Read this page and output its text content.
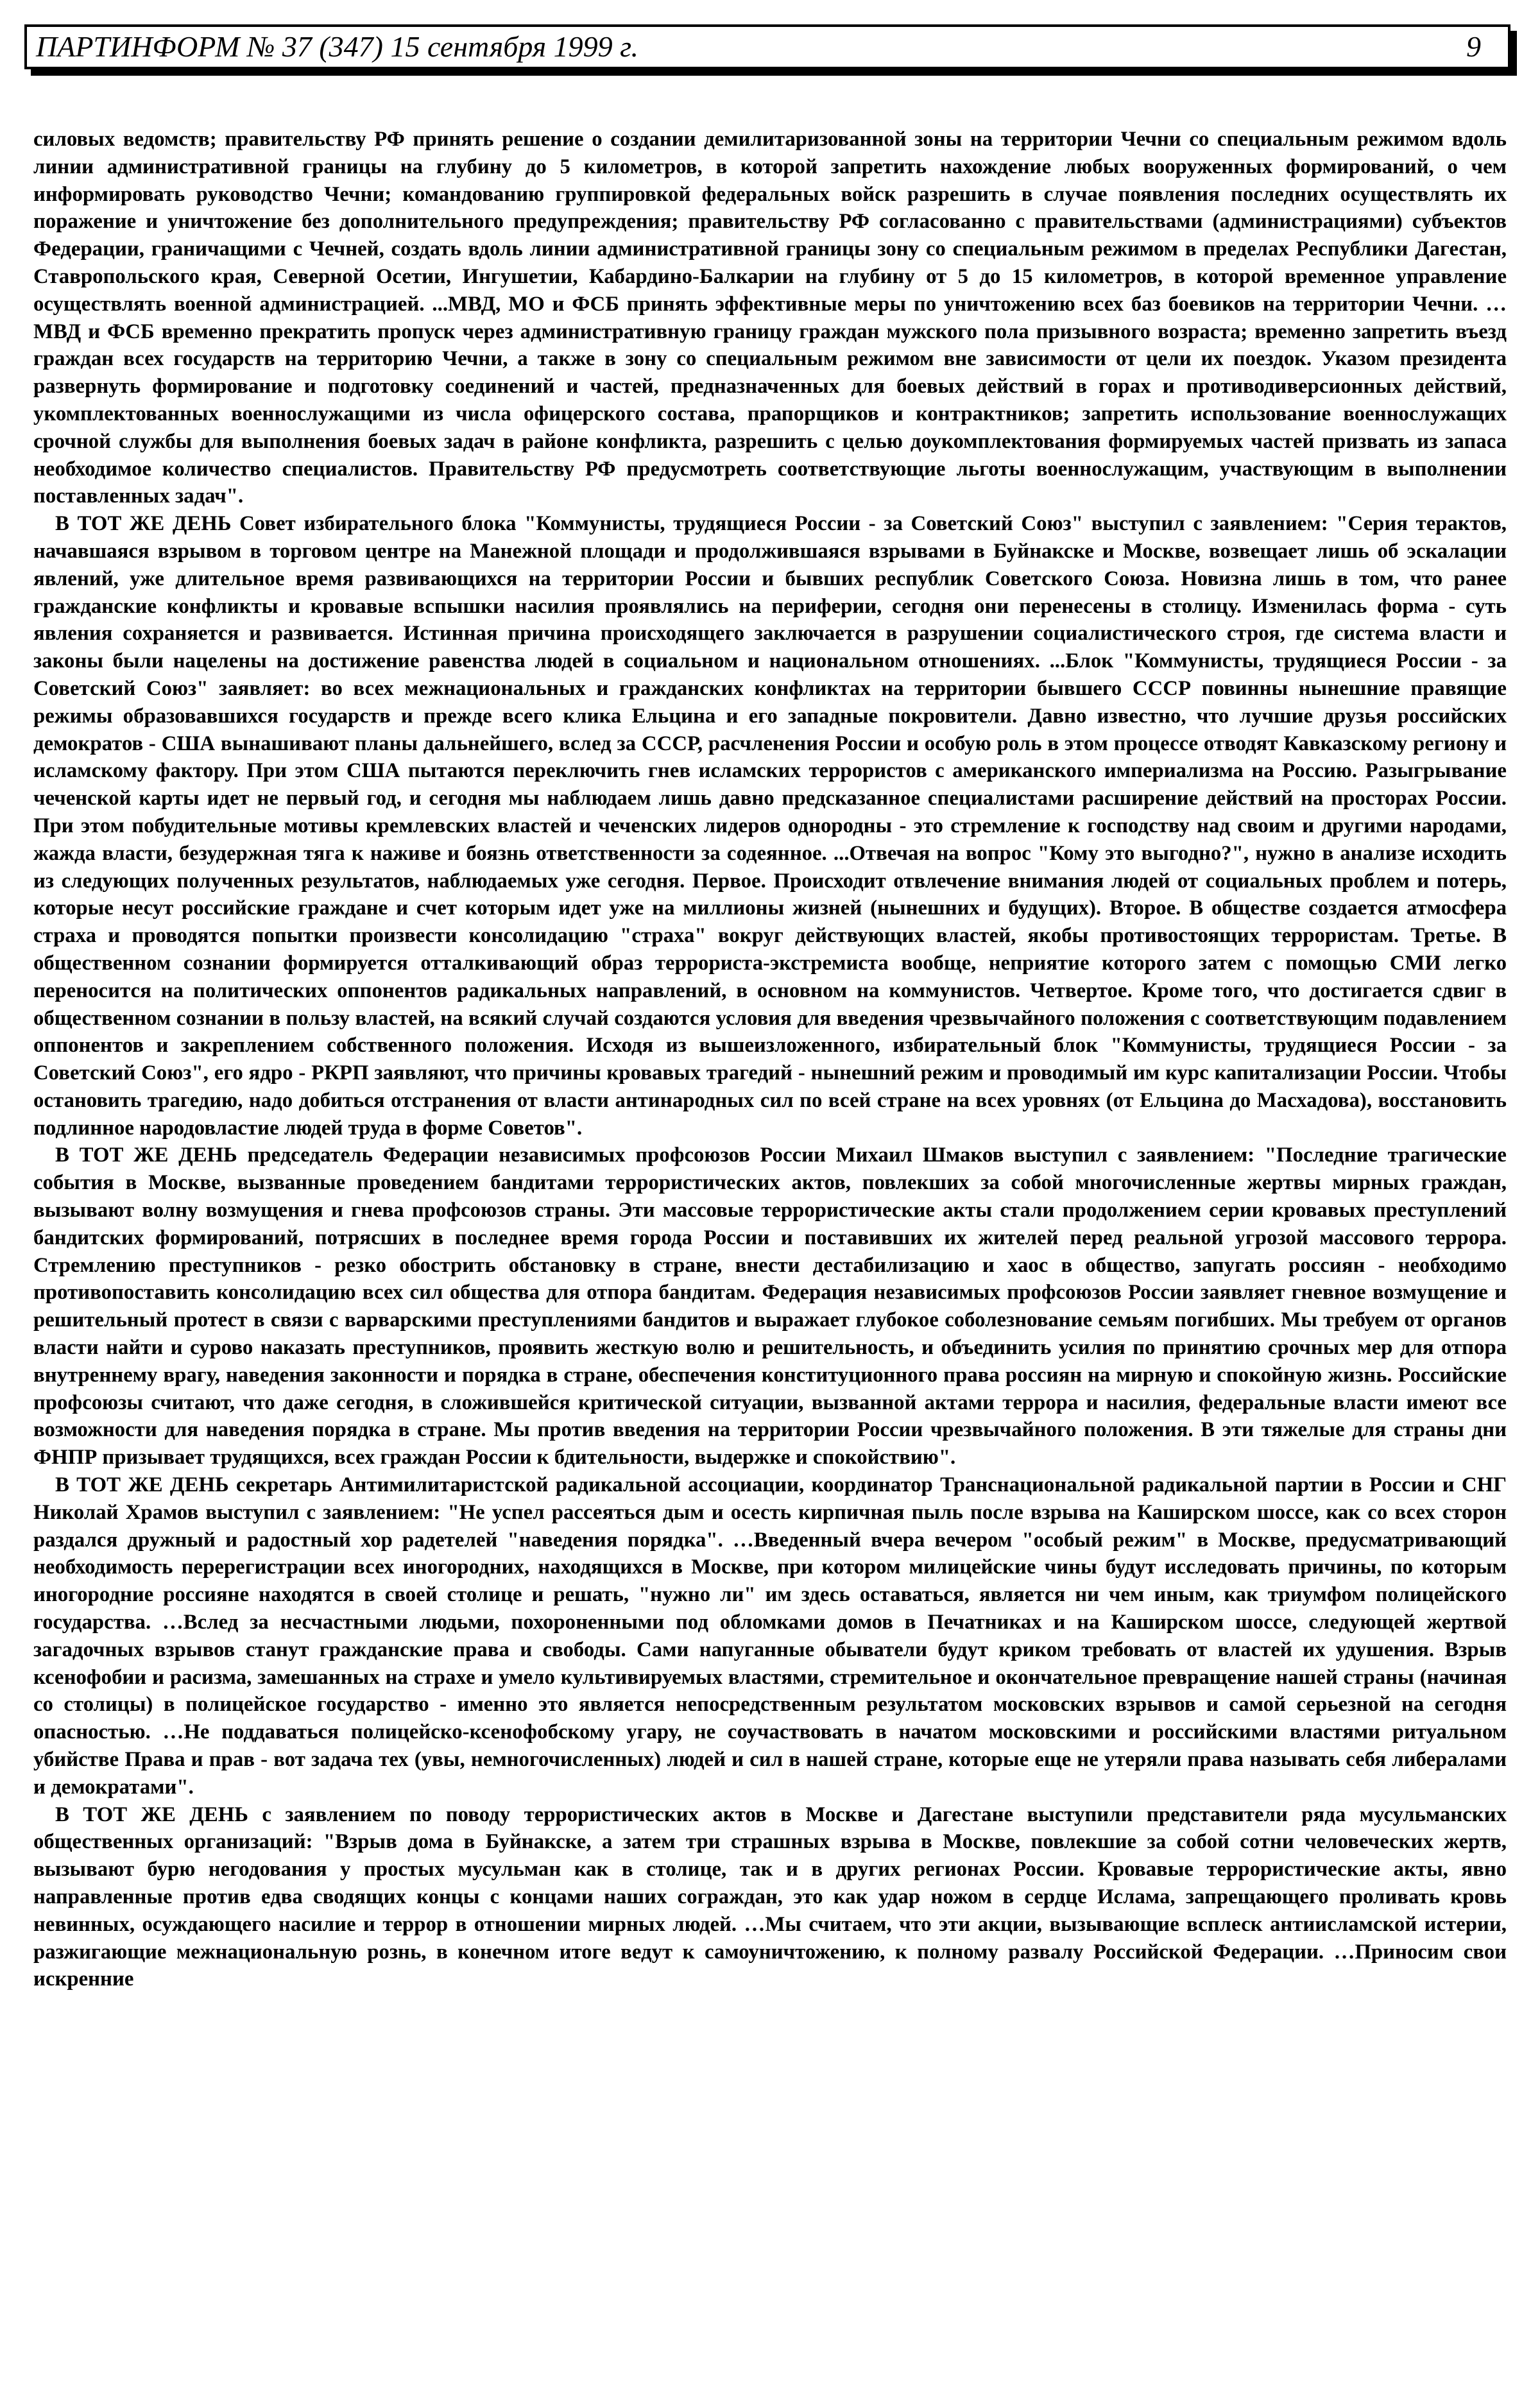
ПАРТИНФОРМ № 37 (347) 15 сентября 1999 г.	9

силовых ведомств; правительству РФ принять решение о создании демилитаризованной зоны на территории Чечни со специальным режимом вдоль линии административной границы на глубину до 5 километров, в которой запретить нахождение любых вооруженных формирований, о чем информировать руководство Чечни; командованию группировкой федеральных войск разрешить в случае появления последних осуществлять их поражение и уничтожение без дополнительного предупреждения; правительству РФ согласованно с правительствами (администрациями) субъектов Федерации, граничащими с Чечней, создать вдоль линии административной границы зону со специальным режимом в пределах Республики Дагестан, Ставропольского края, Северной Осетии, Ингушетии, Кабардино-Балкарии на глубину от 5 до 15 километров, в которой временное управление осуществлять военной администрацией. ...МВД, МО и ФСБ принять эффективные меры по уничтожению всех баз боевиков на территории Чечни. …МВД и ФСБ временно прекратить пропуск через административную границу граждан мужского пола призывного возраста; временно запретить въезд граждан всех государств на территорию Чечни, а также в зону со специальным режимом вне зависимости от цели их поездок. Указом президента развернуть формирование и подготовку соединений и частей, предназначенных для боевых действий в горах и противодиверсионных действий, укомплектованных военнослужащими из числа офицерского состава, прапорщиков и контрактников; запретить использование военнослужащих срочной службы для выполнения боевых задач в районе конфликта, разрешить с целью доукомплектования формируемых частей призвать из запаса необходимое количество специалистов. Правительству РФ предусмотреть соответствующие льготы военнослужащим, участвующим в выполнении поставленных задач".

В ТОТ ЖЕ ДЕНЬ Совет избирательного блока "Коммунисты, трудящиеся России - за Советский Союз" выступил с заявлением: "Серия терактов, начавшаяся взрывом в торговом центре на Манежной площади и продолжившаяся взрывами в Буйнакске и Москве, возвещает лишь об эскалации явлений, уже длительное время развивающихся на территории России и бывших республик Советского Союза. Новизна лишь в том, что ранее гражданские конфликты и кровавые вспышки насилия проявлялись на периферии, сегодня они перенесены в столицу. Изменилась форма - суть явления сохраняется и развивается. Истинная причина происходящего заключается в разрушении социалистического строя, где система власти и законы были нацелены на достижение равенства людей в социальном и национальном отношениях. ...Блок "Коммунисты, трудящиеся России - за Советский Союз" заявляет: во всех межнациональных и гражданских конфликтах на территории бывшего СССР повинны нынешние правящие режимы образовавшихся государств и прежде всего клика Ельцина и его западные покровители. Давно известно, что лучшие друзья российских демократов - США вынашивают планы дальнейшего, вслед за СССР, расчленения России и особую роль в этом процессе отводят Кавказскому региону и исламскому фактору. При этом США пытаются переключить гнев исламских террористов с американского империализма на Россию. Разыгрывание чеченской карты идет не первый год, и сегодня мы наблюдаем лишь давно предсказанное специалистами расширение действий на просторах России. При этом побудительные мотивы кремлевских властей и чеченских лидеров однородны - это стремление к господству над своим и другими народами, жажда власти, безудержная тяга к наживе и боязнь ответственности за содеянное. ...Отвечая на вопрос "Кому это выгодно?", нужно в анализе исходить из следующих полученных результатов, наблюдаемых уже сегодня. Первое. Происходит отвлечение внимания людей от социальных проблем и потерь, которые несут российские граждане и счет которым идет уже на миллионы жизней (нынешних и будущих). Второе. В обществе создается атмосфера страха и проводятся попытки произвести консолидацию "страха" вокруг действующих властей, якобы противостоящих террористам. Третье. В общественном сознании формируется отталкивающий образ террориста-экстремиста вообще, неприятие которого затем с помощью СМИ легко переносится на политических оппонентов радикальных направлений, в основном на коммунистов. Четвертое. Кроме того, что достигается сдвиг в общественном сознании в пользу властей, на всякий случай создаются условия для введения чрезвычайного положения с соответствующим подавлением оппонентов и закреплением собственного положения. Исходя из вышеизложенного, избирательный блок "Коммунисты, трудящиеся России - за Советский Союз", его ядро - РКРП заявляют, что причины кровавых трагедий - нынешний режим и проводимый им курс капитализации России. Чтобы остановить трагедию, надо добиться отстранения от власти антинародных сил по всей стране на всех уровнях (от Ельцина до Масхадова), восстановить подлинное народовластие людей труда в форме Советов".

В ТОТ ЖЕ ДЕНЬ председатель Федерации независимых профсоюзов России Михаил Шмаков выступил с заявлением: "Последние трагические события в Москве, вызванные проведением бандитами террористических актов, повлекших за собой многочисленные жертвы мирных граждан, вызывают волну возмущения и гнева профсоюзов страны. Эти массовые террористические акты стали продолжением серии кровавых преступлений бандитских формирований, потрясших в последнее время города России и поставивших их жителей перед реальной угрозой массового террора. Стремлению преступников - резко обострить обстановку в стране, внести дестабилизацию и хаос в общество, запугать россиян - необходимо противопоставить консолидацию всех сил общества для отпора бандитам. Федерация независимых профсоюзов России заявляет гневное возмущение и решительный протест в связи с варварскими преступлениями бандитов и выражает глубокое соболезнование семьям погибших. Мы требуем от органов власти найти и сурово наказать преступников, проявить жесткую волю и решительность, и объединить усилия по принятию срочных мер для отпора внутреннему врагу, наведения законности и порядка в стране, обеспечения конституционного права россиян на мирную и спокойную жизнь. Российские профсоюзы считают, что даже сегодня, в сложившейся критической ситуации, вызванной актами террора и насилия, федеральные власти имеют все возможности для наведения порядка в стране. Мы против введения на территории России чрезвычайного положения. В эти тяжелые для страны дни ФНПР призывает трудящихся, всех граждан России к бдительности, выдержке и спокойствию".

В ТОТ ЖЕ ДЕНЬ секретарь Антимилитаристской радикальной ассоциации, координатор Транснациональной радикальной партии в России и СНГ Николай Храмов выступил с заявлением: "Не успел рассеяться дым и осесть кирпичная пыль после взрыва на Каширском шоссе, как со всех сторон раздался дружный и радостный хор радетелей "наведения порядка". …Введенный вчера вечером "особый режим" в Москве, предусматривающий необходимость перерегистрации всех иногородних, находящихся в Москве, при котором милицейские чины будут исследовать причины, по которым иногородние россияне находятся в своей столице и решать, "нужно ли" им здесь оставаться, является ни чем иным, как триумфом полицейского государства. …Вслед за несчастными людьми, похороненными под обломками домов в Печатниках и на Каширском шоссе, следующей жертвой загадочных взрывов станут гражданские права и свободы. Сами напуганные обыватели будут криком требовать от властей их удушения. Взрыв ксенофобии и расизма, замешанных на страхе и умело культивируемых властями, стремительное и окончательное превращение нашей страны (начиная со столицы) в полицейское государство - именно это является непосредственным результатом московских взрывов и самой серьезной на сегодня опасностью. …Не поддаваться полицейско-ксенофобскому угару, не соучаствовать в начатом московскими и российскими властями ритуальном убийстве Права и прав - вот задача тех (увы, немногочисленных) людей и сил в нашей стране, которые еще не утеряли права называть себя либералами и демократами".

В ТОТ ЖЕ ДЕНЬ с заявлением по поводу террористических актов в Москве и Дагестане выступили представители ряда мусульманских общественных организаций: "Взрыв дома в Буйнакске, а затем три страшных взрыва в Москве, повлекшие за собой сотни человеческих жертв, вызывают бурю негодования у простых мусульман как в столице, так и в других регионах России. Кровавые террористические акты, явно направленные против едва сводящих концы с концами наших сограждан, это как удар ножом в сердце Ислама, запрещающего проливать кровь невинных, осуждающего насилие и террор в отношении мирных людей. …Мы считаем, что эти акции, вызывающие всплеск антиисламской истерии, разжигающие межнациональную рознь, в конечном итоге ведут к самоуничтожению, к полному развалу Российской Федерации. …Приносим свои искренние
